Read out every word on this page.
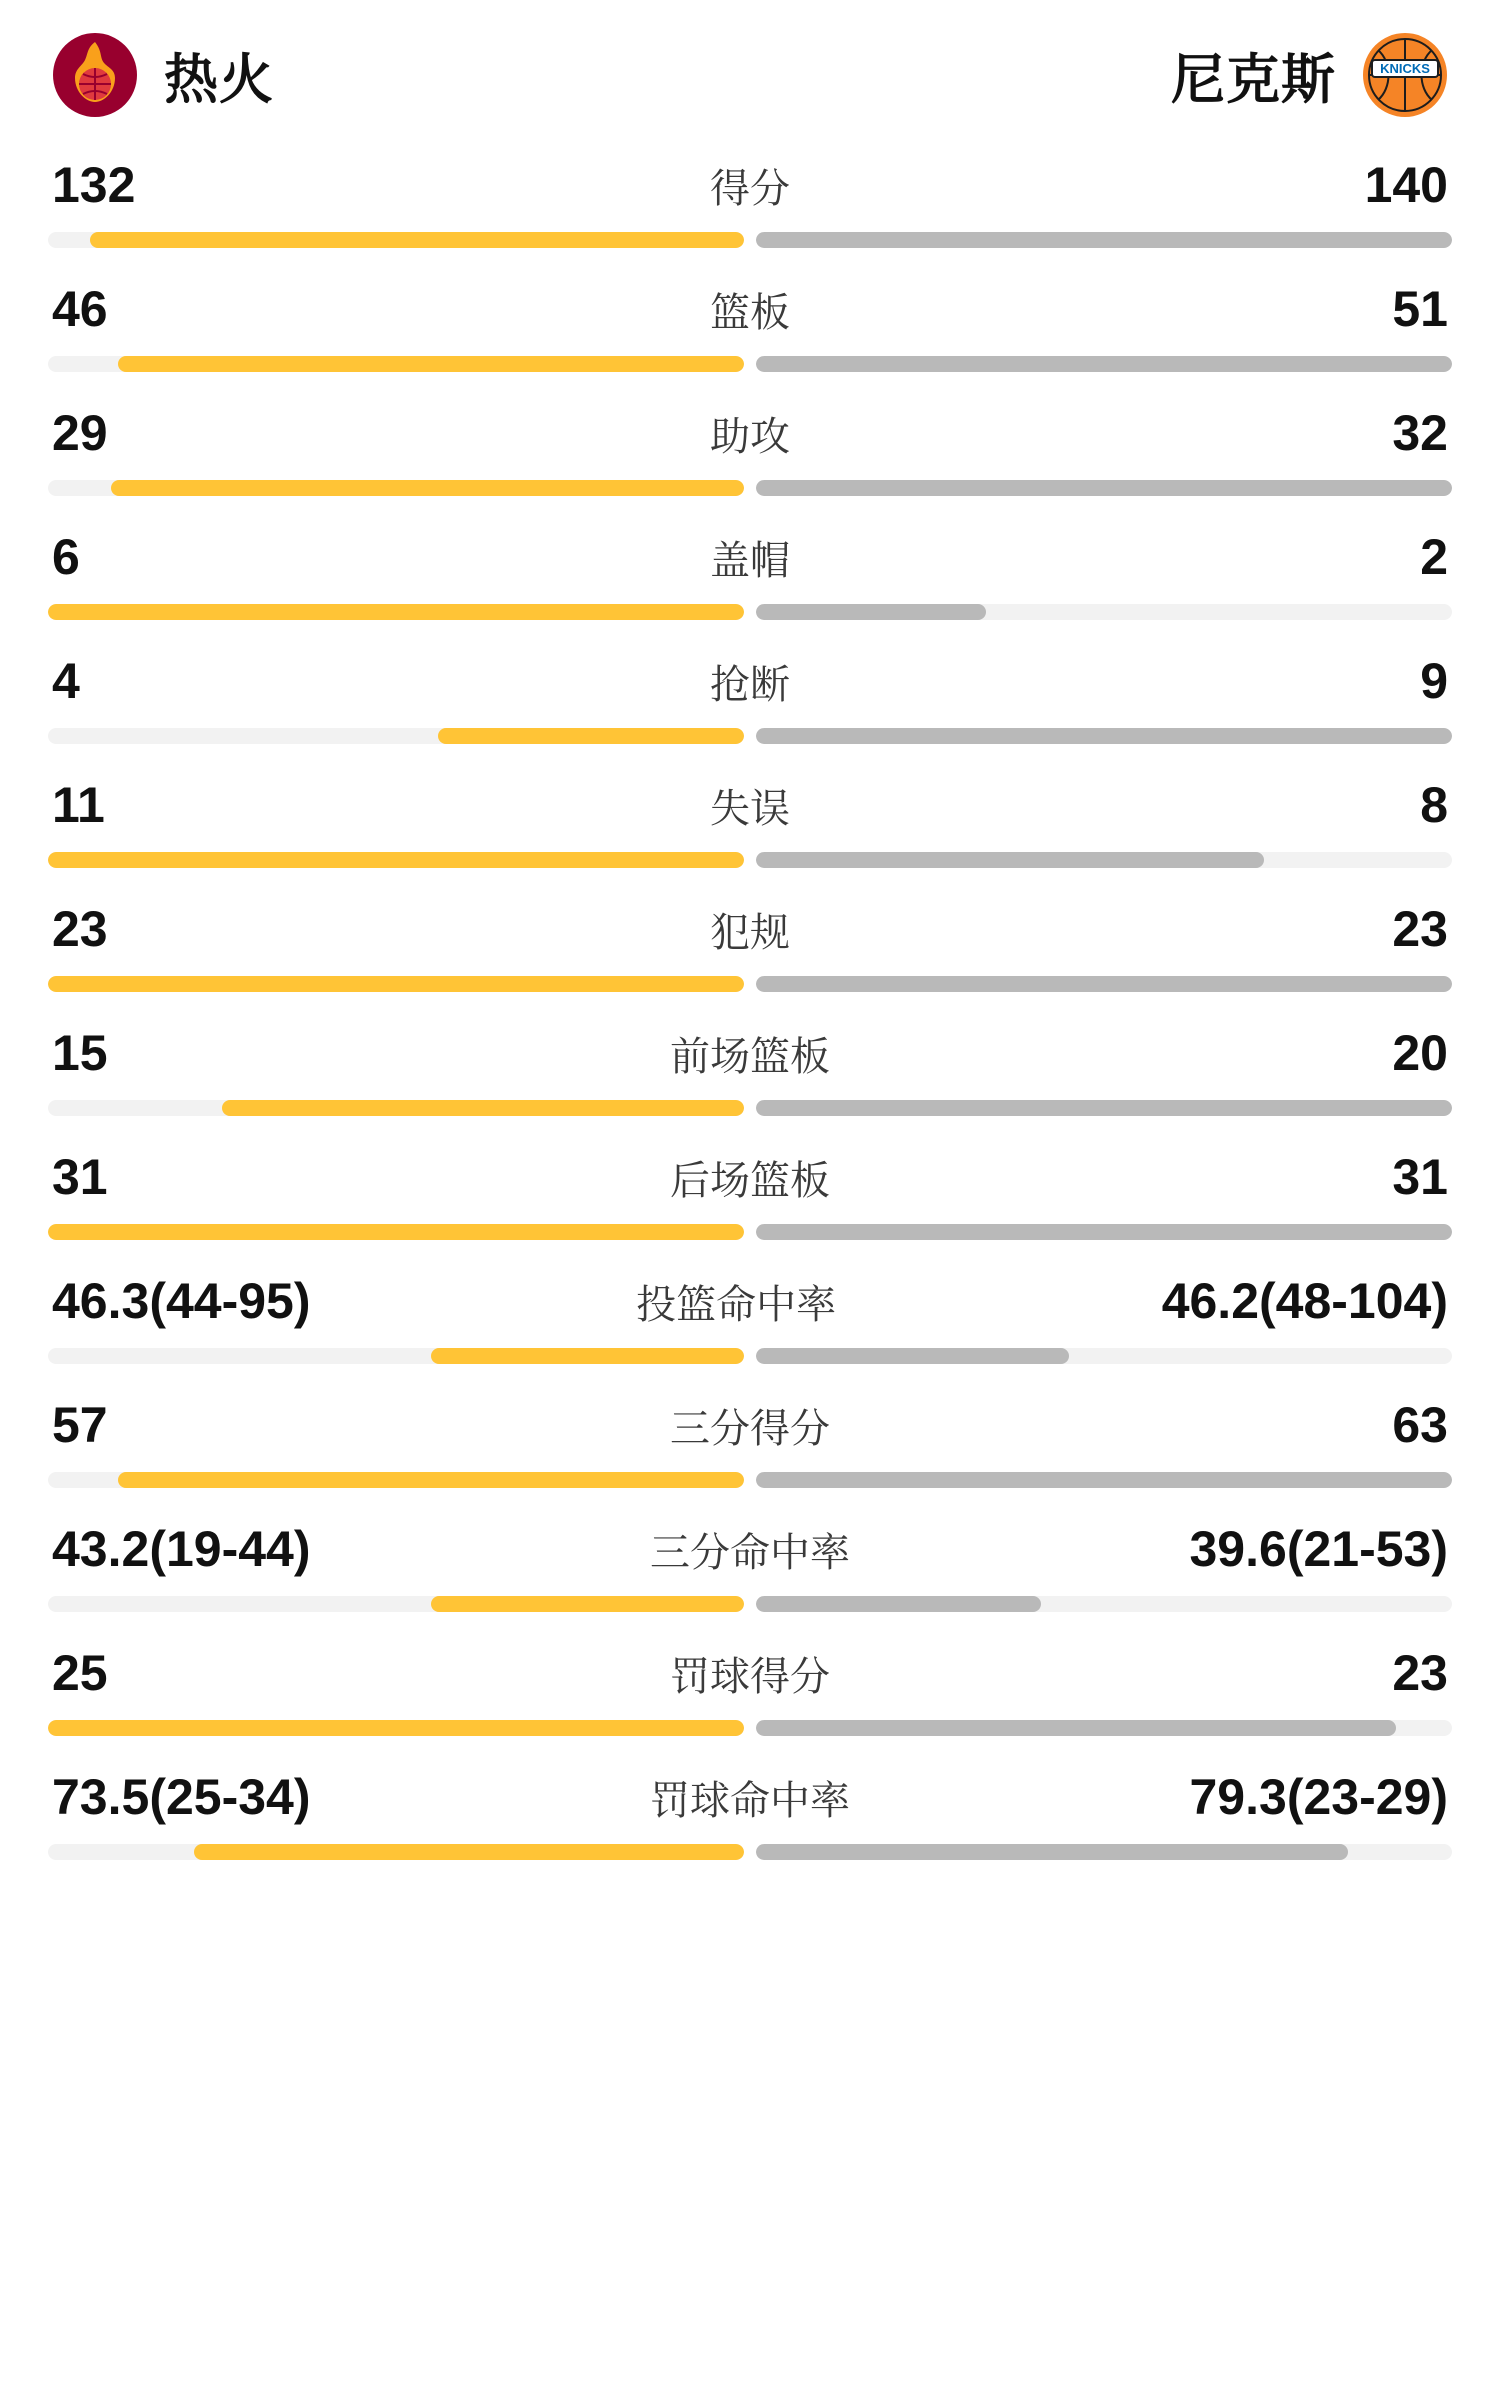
热火	尼克斯	KNICKS
132	得分	140
46	篮板	51
29	助攻	32
6	盖帽	2
4	抢断	9
11	失误	8
23	犯规	23
15	前场篮板	20
31	后场篮板	31
46.3(44-95)	投篮命中率	46.2(48-104)
57	三分得分	63
43.2(19-44)	三分命中率	39.6(21-53)
25	罚球得分	23
73.5(25-34)	罚球命中率	79.3(23-29)
